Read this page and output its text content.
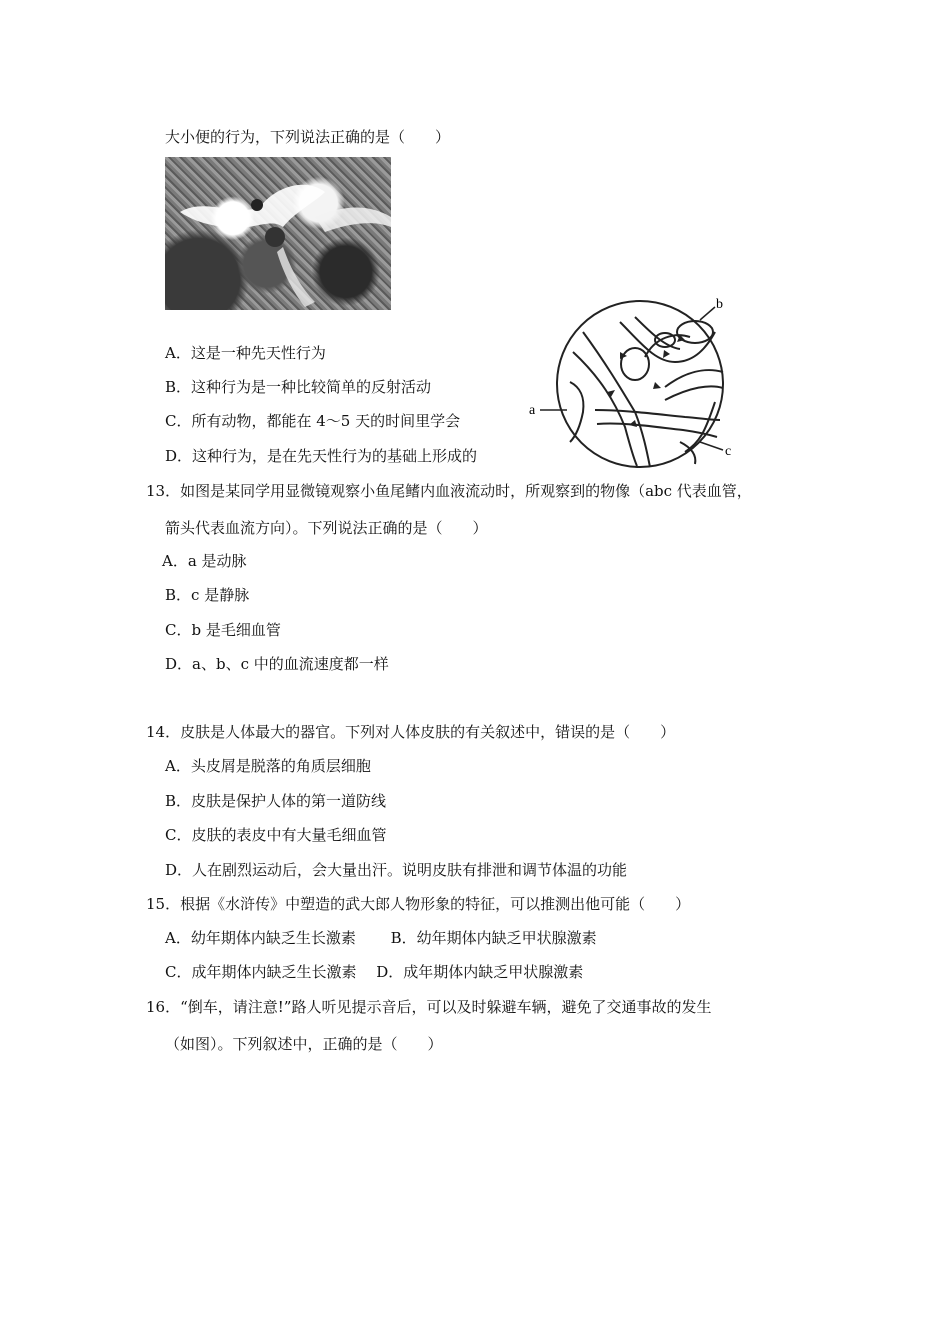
大小便的行为，下列说法正确的是（　　）
A．这是一种先天性行为
B．这种行为是一种比较简单的反射活动
C．所有动物，都能在 4～5 天的时间里学会
D．这种行为，是在先天性行为的基础上形成的
a
b
c
13．如图是某同学用显微镜观察小鱼尾鳍内血液流动时，所观察到的物像（abc 代表血管，
箭头代表血流方向）。下列说法正确的是（　　）
A．a 是动脉
B．c 是静脉
C．b 是毛细血管
D．a、b、c 中的血流速度都一样
14．皮肤是人体最大的器官。下列对人体皮肤的有关叙述中，错误的是（　　）
A．头皮屑是脱落的角质层细胞
B．皮肤是保护人体的第一道防线
C．皮肤的表皮中有大量毛细血管
D．人在剧烈运动后，会大量出汗。说明皮肤有排泄和调节体温的功能
15．根据《水浒传》中塑造的武大郎人物形象的特征，可以推测出他可能（　　）
A．幼年期体内缺乏生长激素　　 B．幼年期体内缺乏甲状腺激素
C．成年期体内缺乏生长激素　 D．成年期体内缺乏甲状腺激素
16．“倒车，请注意!”路人听见提示音后，可以及时躲避车辆，避免了交通事故的发生
（如图）。下列叙述中，正确的是（　　）
